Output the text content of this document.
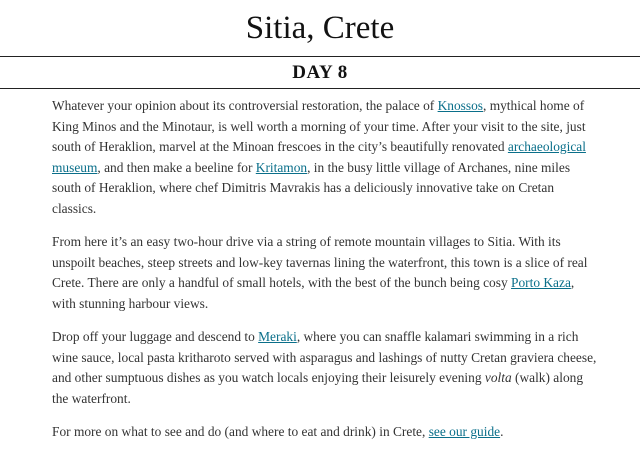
Sitia, Crete
DAY 8

Whatever your opinion about its controversial restoration, the palace of Knossos, mythical home of King Minos and the Minotaur, is well worth a morning of your time. After your visit to the site, just south of Heraklion, marvel at the Minoan frescoes in the city’s beautifully renovated archaeological museum, and then make a beeline for Kritamon, in the busy little village of Archanes, nine miles south of Heraklion, where chef Dimitris Mavrakis has a deliciously innovative take on Cretan classics.

From here it’s an easy two-hour drive via a string of remote mountain villages to Sitia. With its unspoilt beaches, steep streets and low-key tavernas lining the waterfront, this town is a slice of real Crete. There are only a handful of small hotels, with the best of the bunch being cosy Porto Kaza, with stunning harbour views.

Drop off your luggage and descend to Meraki, where you can snaffle kalamari swimming in a rich wine sauce, local pasta kritharoto served with asparagus and lashings of nutty Cretan graviera cheese, and other sumptuous dishes as you watch locals enjoying their leisurely evening volta (walk) along the waterfront.

For more on what to see and do (and where to eat and drink) in Crete, see our guide.
